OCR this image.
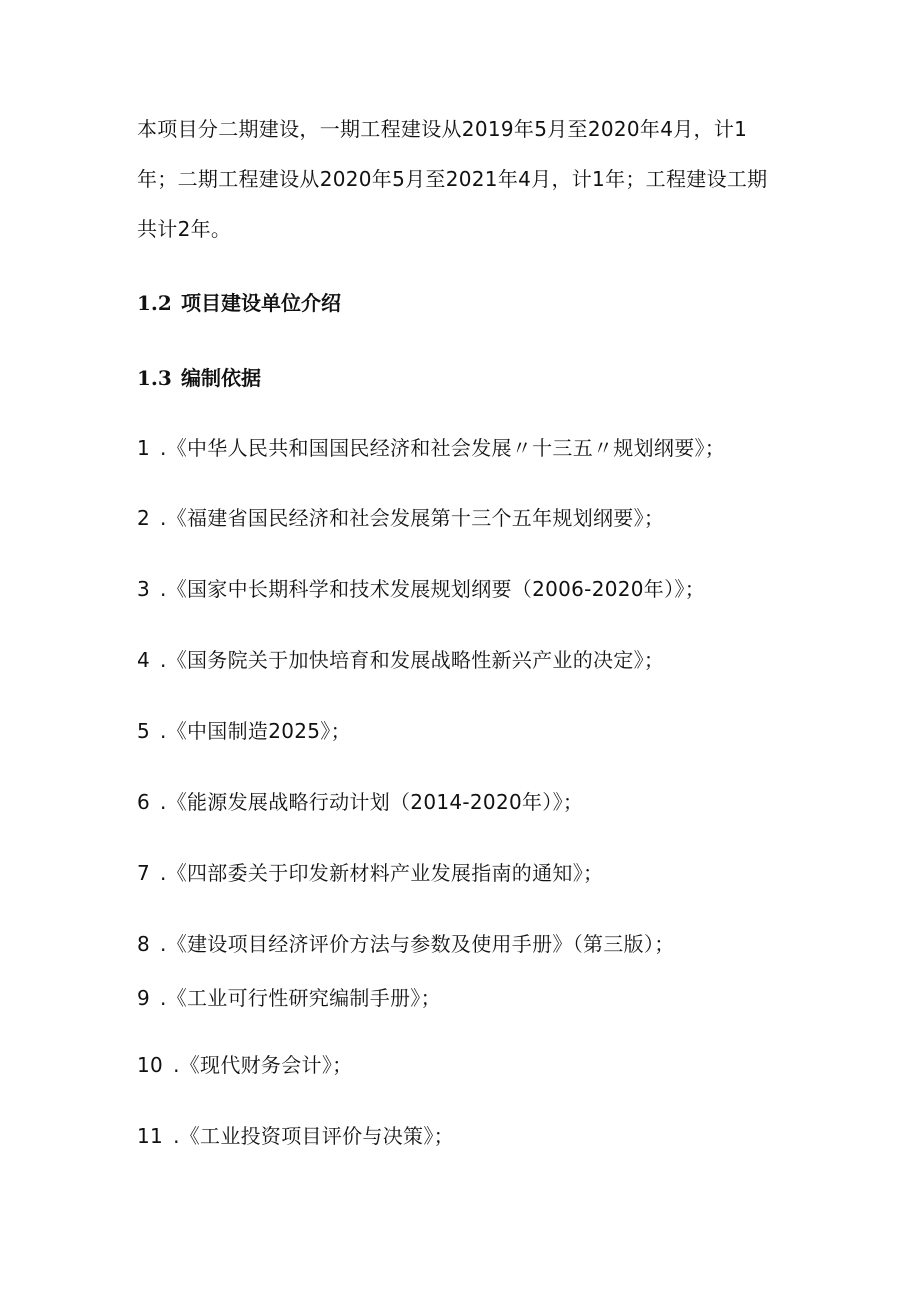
本项目分二期建设，一期工程建设从2019年5月至2020年4月，计1年；二期工程建设从2020年5月至2021年4月，计1年；工程建设工期共计2年。
1.2 项目建设单位介绍
1.3 编制依据
1 .《中华人民共和国国民经济和社会发展〃十三五〃规划纲要》；
2 .《福建省国民经济和社会发展第十三个五年规划纲要》；
3 .《国家中长期科学和技术发展规划纲要（2006-2020年）》；
4 .《国务院关于加快培育和发展战略性新兴产业的决定》；
5 .《中国制造2025》；
6 .《能源发展战略行动计划（2014-2020年）》；
7 .《四部委关于印发新材料产业发展指南的通知》；
8 .《建设项目经济评价方法与参数及使用手册》（第三版）；
9 .《工业可行性研究编制手册》；
10 .《现代财务会计》；
11 .《工业投资项目评价与决策》；
